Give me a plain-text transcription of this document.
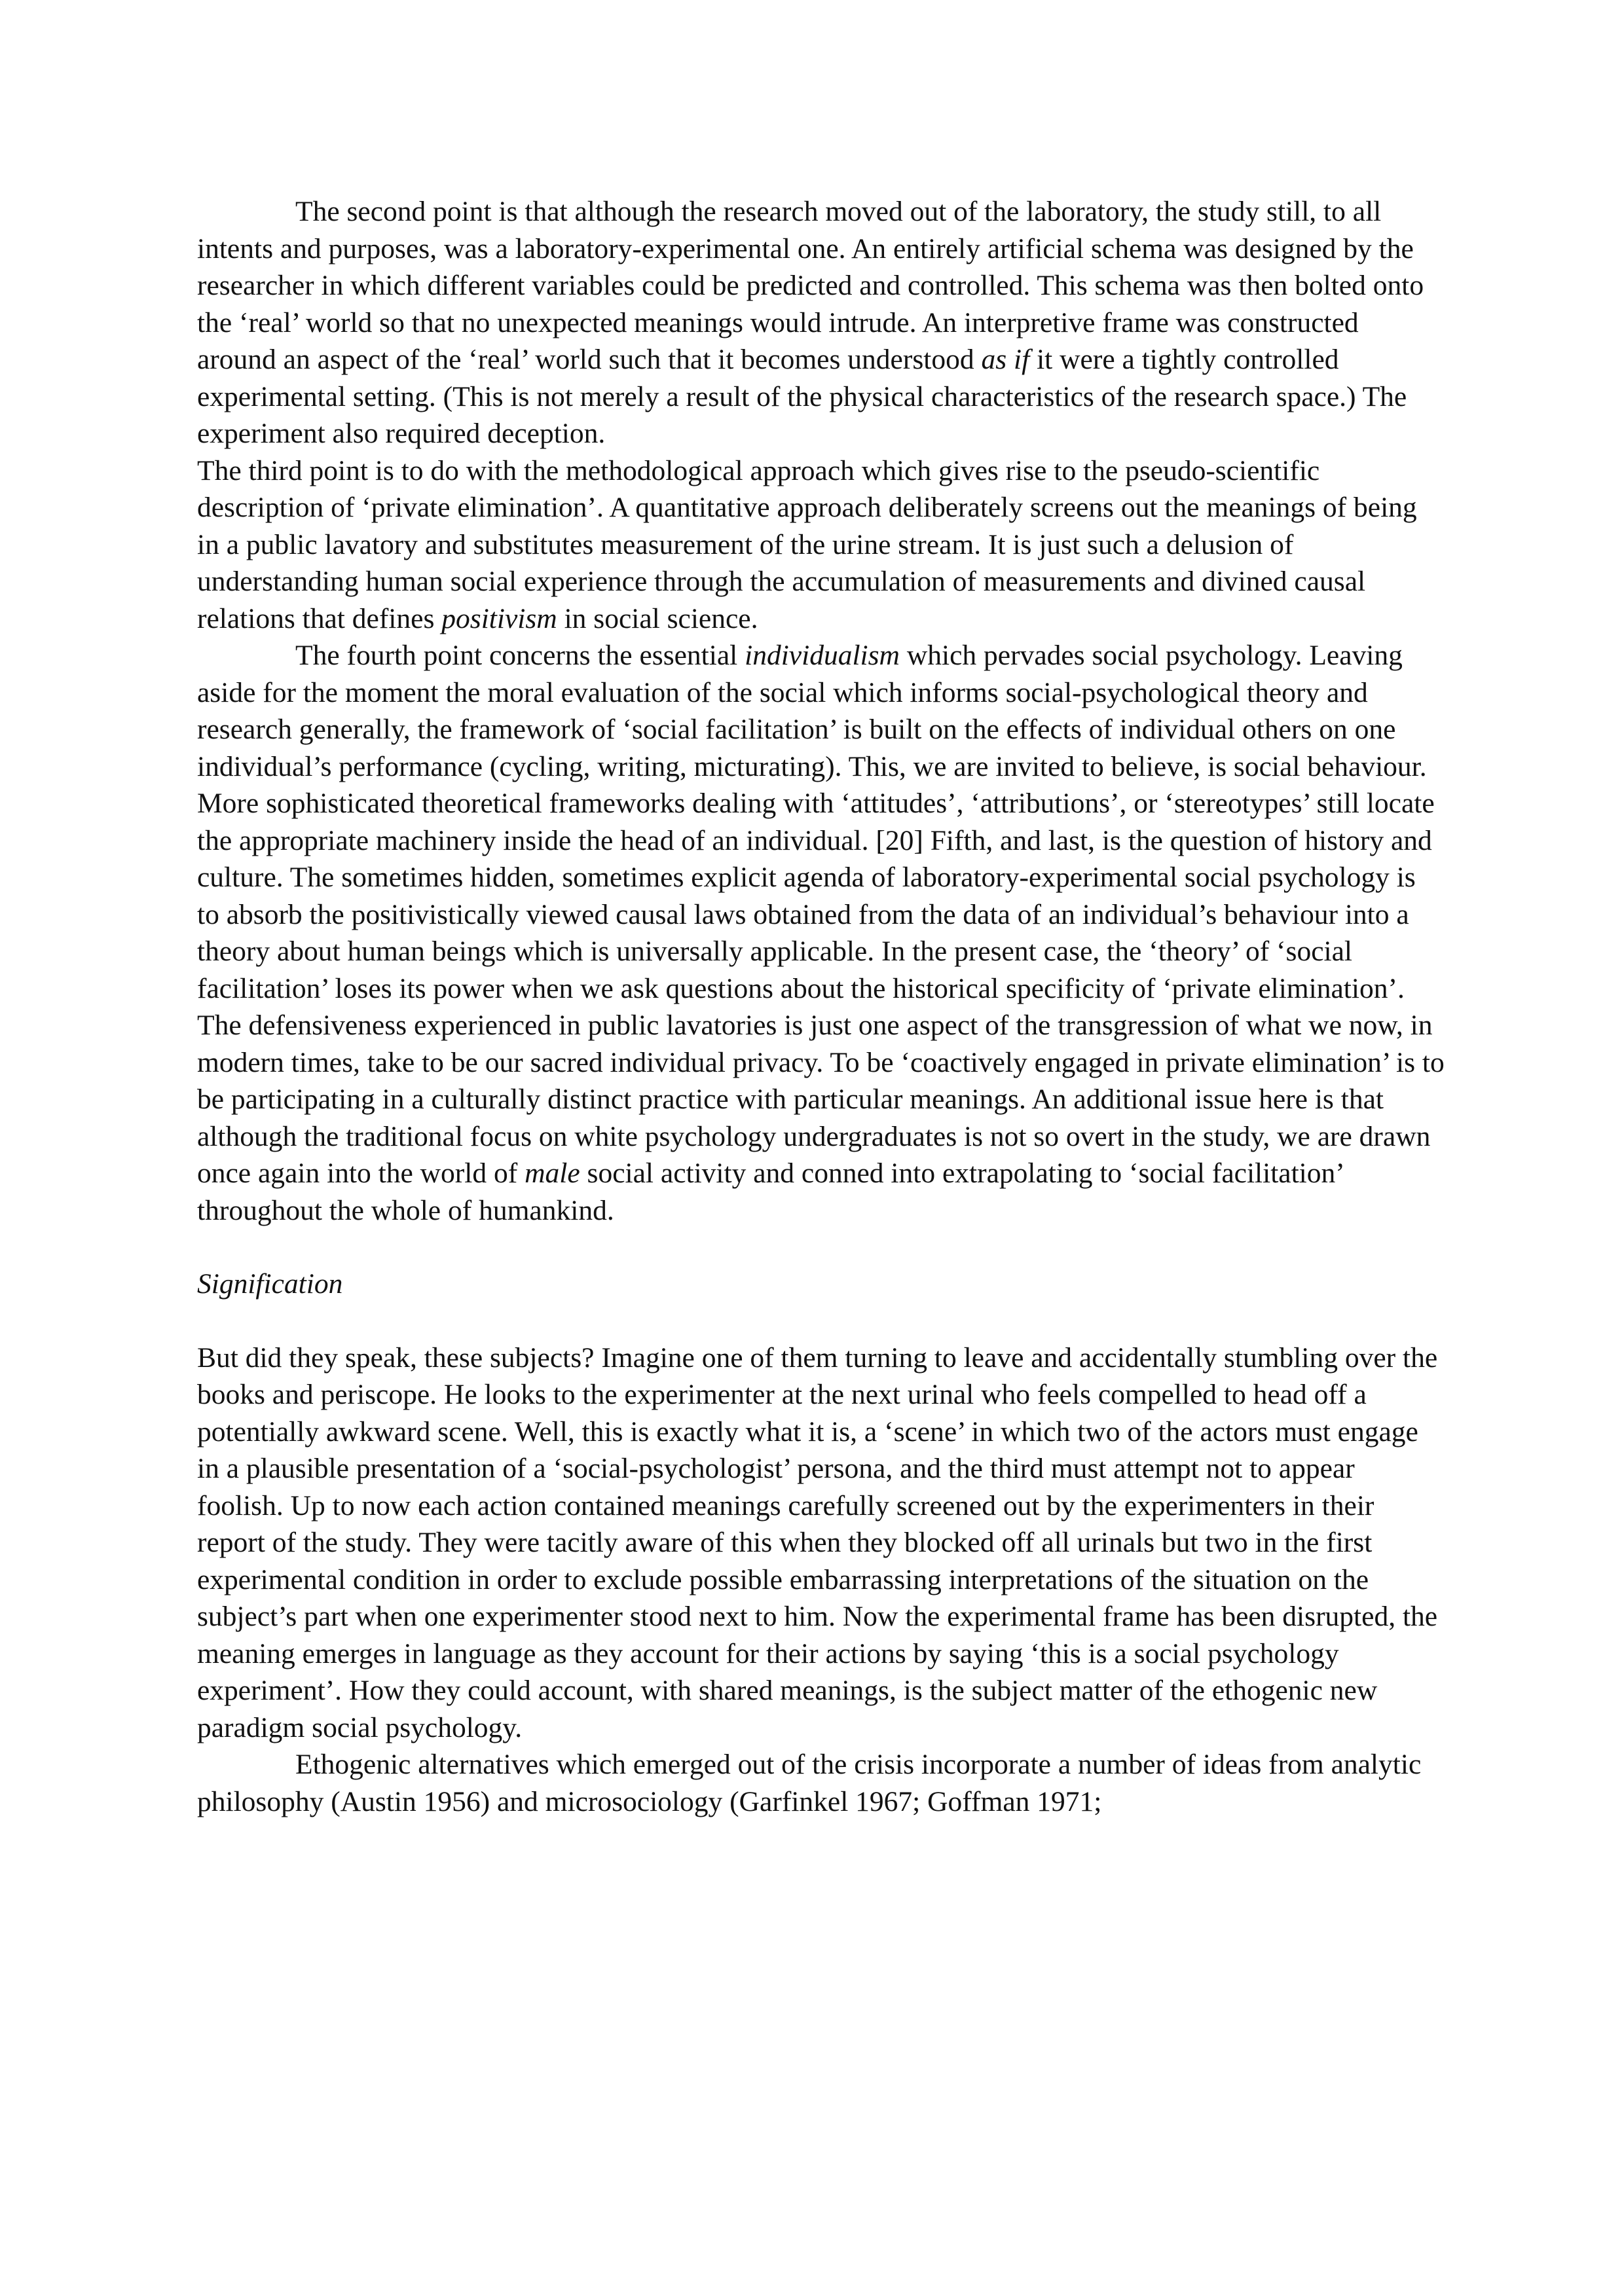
The second point is that although the research moved out of the laboratory, the study still, to all intents and purposes, was a laboratory-experimental one. An entirely artificial schema was designed by the researcher in which different variables could be predicted and controlled. This schema was then bolted onto the ‘real’ world so that no unexpected meanings would intrude. An interpretive frame was constructed around an aspect of the ‘real’ world such that it becomes understood as if it were a tightly controlled experimental setting. (This is not merely a result of the physical characteristics of the research space.) The experiment also required deception.

The third point is to do with the methodological approach which gives rise to the pseudo-scientific description of ‘private elimination’. A quantitative approach deliberately screens out the meanings of being in a public lavatory and substitutes measurement of the urine stream. It is just such a delusion of understanding human social experience through the accumulation of measurements and divined causal relations that defines positivism in social science.

The fourth point concerns the essential individualism which pervades social psychology. Leaving aside for the moment the moral evaluation of the social which informs social-psychological theory and research generally, the framework of ‘social facilitation’ is built on the effects of individual others on one individual’s performance (cycling, writing, micturating). This, we are invited to believe, is social behaviour. More sophisticated theoretical frameworks dealing with ‘attitudes’, ‘attributions’, or ‘stereotypes’ still locate the appropriate machinery inside the head of an individual. [20] Fifth, and last, is the question of history and culture. The sometimes hidden, sometimes explicit agenda of laboratory-experimental social psychology is to absorb the positivistically viewed causal laws obtained from the data of an individual’s behaviour into a theory about human beings which is universally applicable. In the present case, the ‘theory’ of ‘social facilitation’ loses its power when we ask questions about the historical specificity of ‘private elimination’. The defensiveness experienced in public lavatories is just one aspect of the transgression of what we now, in modern times, take to be our sacred individual privacy. To be ‘coactively engaged in private elimination’ is to be participating in a culturally distinct practice with particular meanings. An additional issue here is that although the traditional focus on white psychology undergraduates is not so overt in the study, we are drawn once again into the world of male social activity and conned into extrapolating to ‘social facilitation’ throughout the whole of humankind.

Signification

But did they speak, these subjects? Imagine one of them turning to leave and accidentally stumbling over the books and periscope. He looks to the experimenter at the next urinal who feels compelled to head off a potentially awkward scene. Well, this is exactly what it is, a ‘scene’ in which two of the actors must engage in a plausible presentation of a ‘social-psychologist’ persona, and the third must attempt not to appear foolish. Up to now each action contained meanings carefully screened out by the experimenters in their report of the study. They were tacitly aware of this when they blocked off all urinals but two in the first experimental condition in order to exclude possible embarrassing interpretations of the situation on the subject’s part when one experimenter stood next to him. Now the experimental frame has been disrupted, the meaning emerges in language as they account for their actions by saying ‘this is a social psychology experiment’. How they could account, with shared meanings, is the subject matter of the ethogenic new paradigm social psychology.

Ethogenic alternatives which emerged out of the crisis incorporate a number of ideas from analytic philosophy (Austin 1956) and microsociology (Garfinkel 1967; Goffman 1971;
